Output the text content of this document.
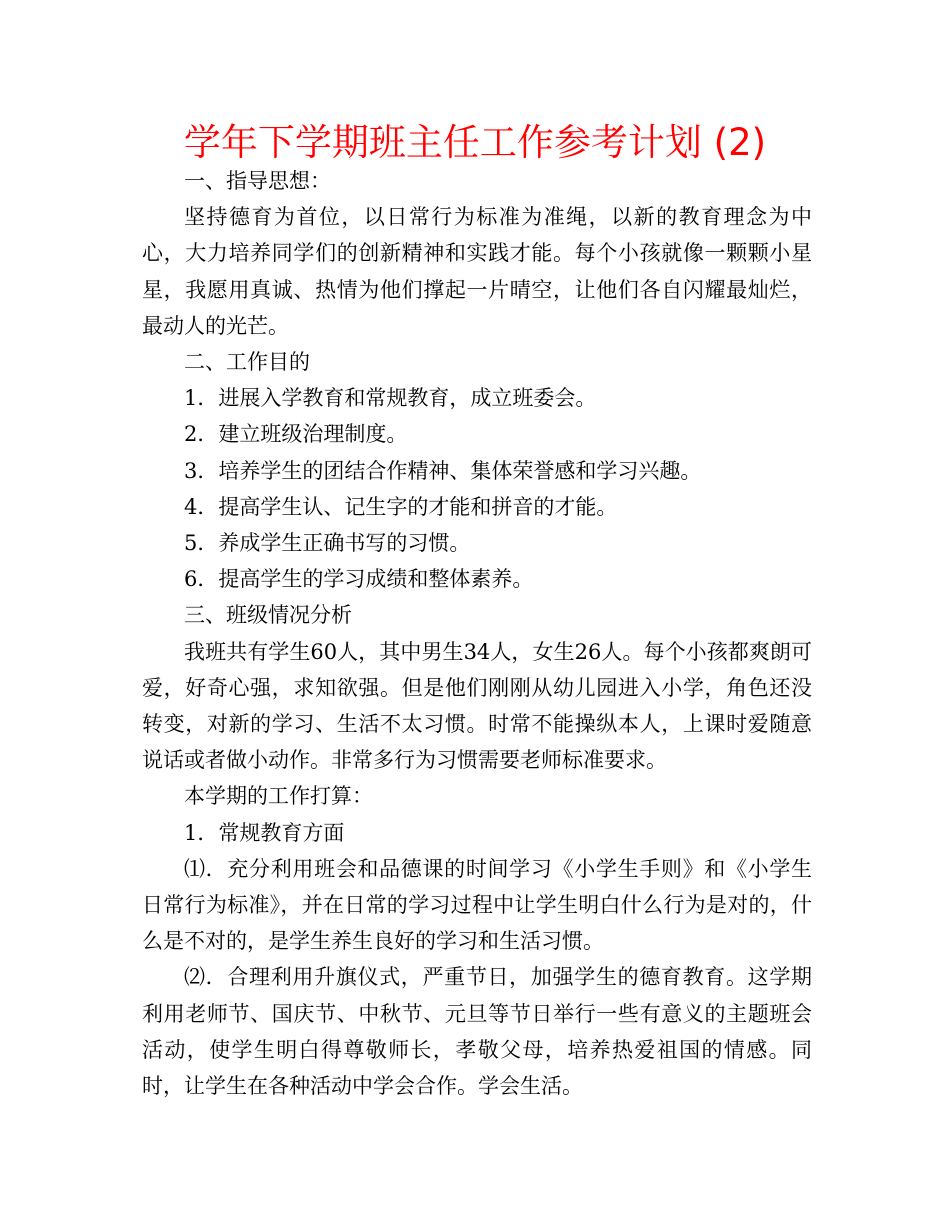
学年下学期班主任工作参考计划 (2)

一、指导思想：

坚持德育为首位，以日常行为标准为准绳，以新的教育理念为中心，大力培养同学们的创新精神和实践才能。每个小孩就像一颗颗小星星，我愿用真诚、热情为他们撑起一片晴空，让他们各自闪耀最灿烂，最动人的光芒。

二、工作目的

1．进展入学教育和常规教育，成立班委会。

2．建立班级治理制度。

3．培养学生的团结合作精神、集体荣誉感和学习兴趣。

4．提高学生认、记生字的才能和拼音的才能。

5．养成学生正确书写的习惯。

6．提高学生的学习成绩和整体素养。

三、班级情况分析

我班共有学生60人，其中男生34人，女生26人。每个小孩都爽朗可爱，好奇心强，求知欲强。但是他们刚刚从幼儿园进入小学，角色还没转变，对新的学习、生活不太习惯。时常不能操纵本人，上课时爱随意说话或者做小动作。非常多行为习惯需要老师标准要求。

本学期的工作打算：

1．常规教育方面

⑴．充分利用班会和品德课的时间学习《小学生手则》和《小学生日常行为标准》，并在日常的学习过程中让学生明白什么行为是对的，什么是不对的，是学生养生良好的学习和生活习惯。

⑵．合理利用升旗仪式，严重节日，加强学生的德育教育。这学期利用老师节、国庆节、中秋节、元旦等节日举行一些有意义的主题班会活动，使学生明白得尊敬师长，孝敬父母，培养热爱祖国的情感。同时，让学生在各种活动中学会合作。学会生活。
